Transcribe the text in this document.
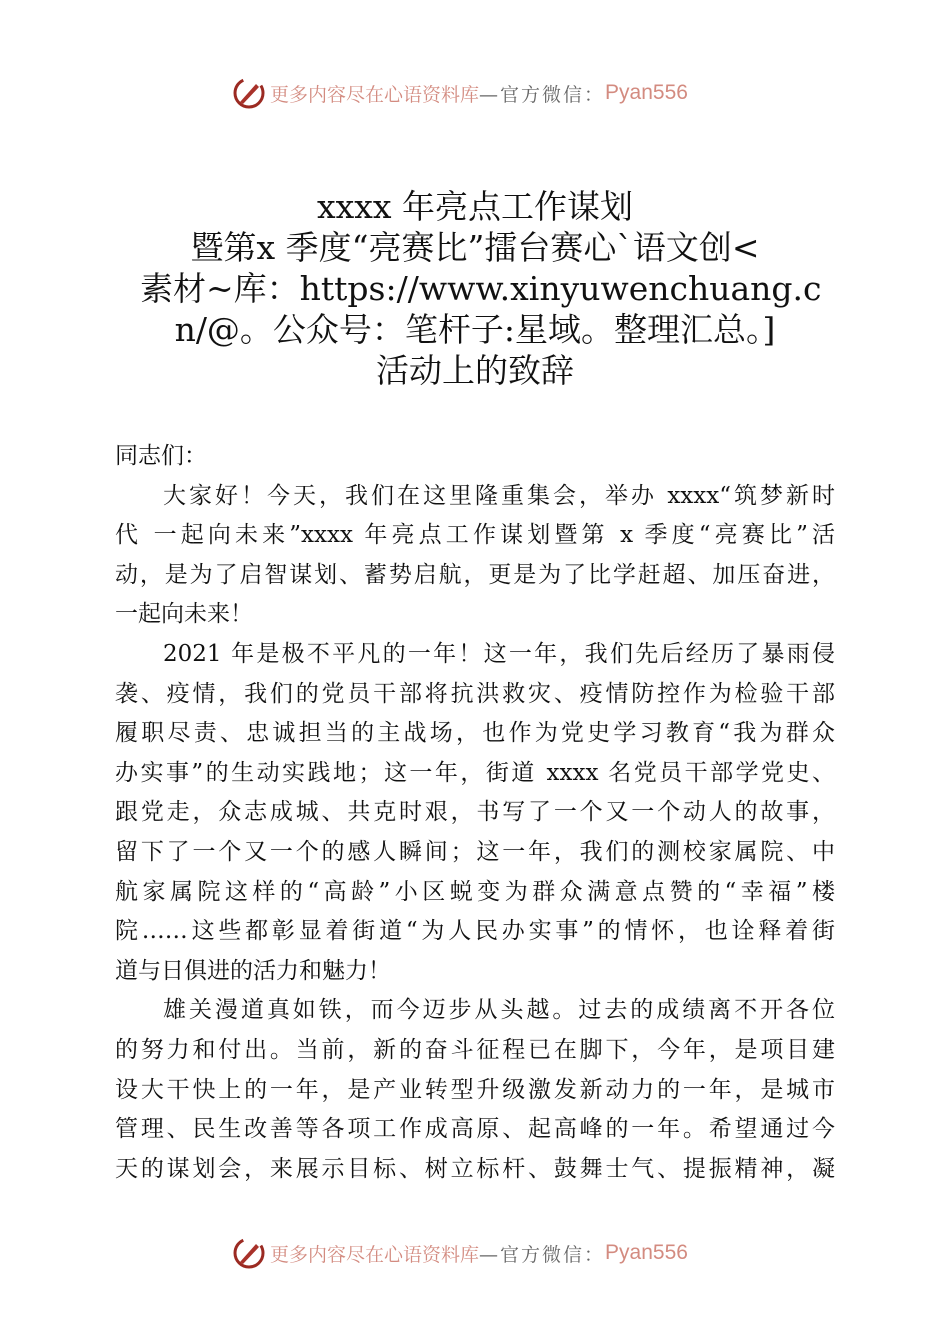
更多内容尽在心语资料库 —官方微信： Pyan556
xxxx 年亮点工作谋划
暨第x 季度“亮赛比”擂台赛心`语文创<
素材~库：https://www.xinyuwenchuang.c
n/@。公众号：笔杆子:星域。整理汇总。]
活动上的致辞
同志们：
大家好！今天，我们在这里隆重集会，举办 xxxx“筑梦新时
代 一起向未来”xxxx 年亮点工作谋划暨第 x 季度“亮赛比”活
动，是为了启智谋划、蓄势启航，更是为了比学赶超、加压奋进，
一起向未来！
2021 年是极不平凡的一年！这一年，我们先后经历了暴雨侵
袭、疫情，我们的党员干部将抗洪救灾、疫情防控作为检验干部
履职尽责、忠诚担当的主战场，也作为党史学习教育“我为群众
办实事”的生动实践地；这一年，街道 xxxx 名党员干部学党史、
跟党走，众志成城、共克时艰，书写了一个又一个动人的故事，
留下了一个又一个的感人瞬间；这一年，我们的测校家属院、中
航家属院这样的“高龄”小区蜕变为群众满意点赞的“幸福”楼
院……这些都彰显着街道“为人民办实事”的情怀，也诠释着街
道与日俱进的活力和魅力！
雄关漫道真如铁，而今迈步从头越。过去的成绩离不开各位
的努力和付出。当前，新的奋斗征程已在脚下，今年，是项目建
设大干快上的一年，是产业转型升级激发新动力的一年，是城市
管理、民生改善等各项工作成高原、起高峰的一年。希望通过今
天的谋划会，来展示目标、树立标杆、鼓舞士气、提振精神，凝
更多内容尽在心语资料库 —官方微信： Pyan556
